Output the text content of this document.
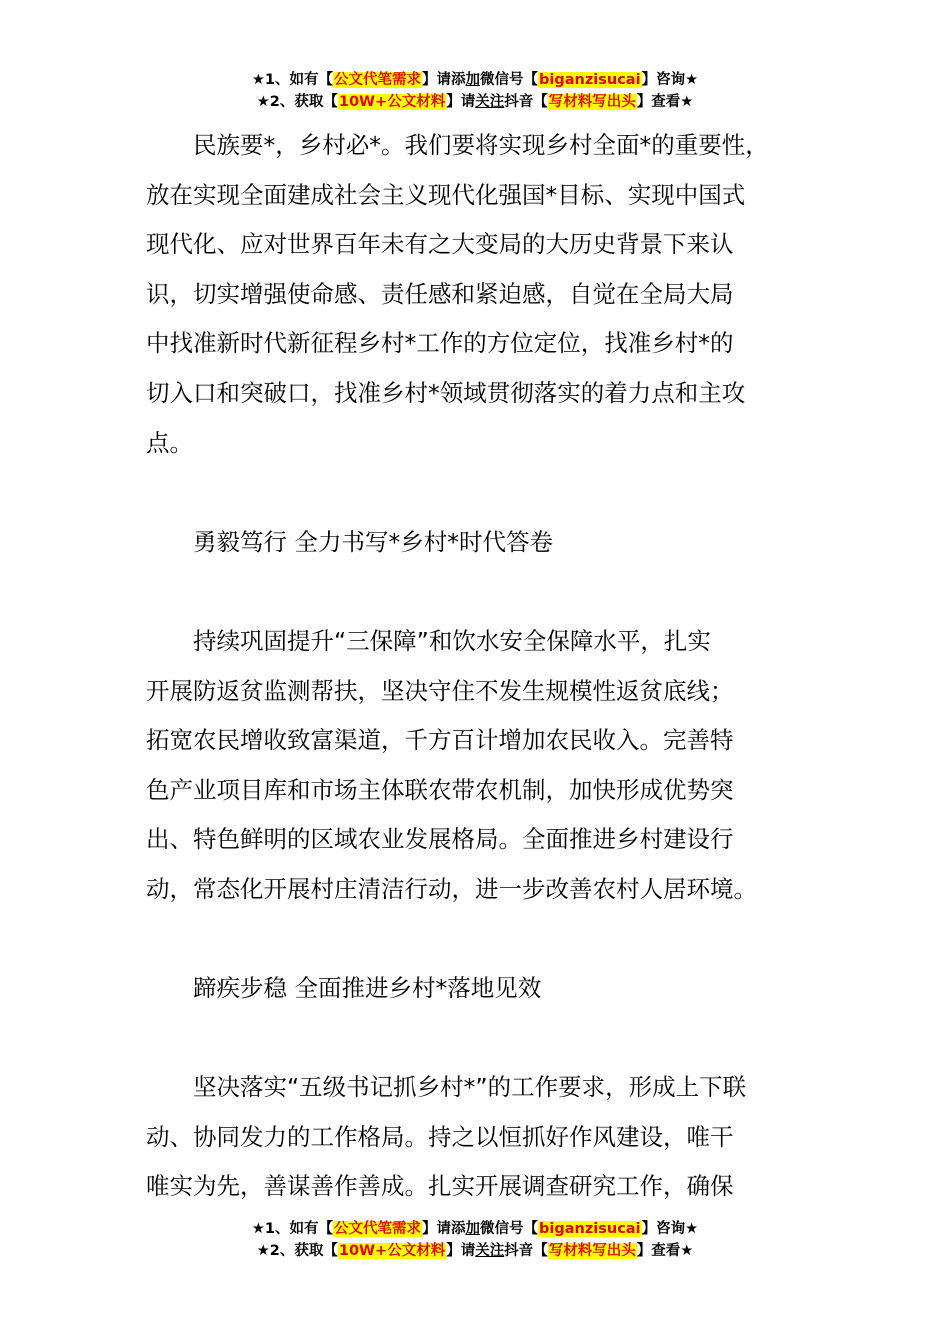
★1、如有【公文代笔需求】请添加微信号【biganzisucai】咨询★
★2、获取【10W+公文材料】请关注抖音【写材料写出头】查看★
民族要*，乡村必*。我们要将实现乡村全面*的重要性，
放在实现全面建成社会主义现代化强国*目标、实现中国式
现代化、应对世界百年未有之大变局的大历史背景下来认
识，切实增强使命感、责任感和紧迫感，自觉在全局大局
中找准新时代新征程乡村*工作的方位定位，找准乡村*的
切入口和突破口，找准乡村*领域贯彻落实的着力点和主攻
点。
勇毅笃行 全力书写*乡村*时代答卷
持续巩固提升“三保障”和饮水安全保障水平，扎实
开展防返贫监测帮扶，坚决守住不发生规模性返贫底线；
拓宽农民增收致富渠道，千方百计增加农民收入。完善特
色产业项目库和市场主体联农带农机制，加快形成优势突
出、特色鲜明的区域农业发展格局。全面推进乡村建设行
动，常态化开展村庄清洁行动，进一步改善农村人居环境。
蹄疾步稳 全面推进乡村*落地见效
坚决落实“五级书记抓乡村*”的工作要求，形成上下联
动、协同发力的工作格局。持之以恒抓好作风建设，唯干
唯实为先，善谋善作善成。扎实开展调查研究工作，确保
★1、如有【公文代笔需求】请添加微信号【biganzisucai】咨询★
★2、获取【10W+公文材料】请关注抖音【写材料写出头】查看★
